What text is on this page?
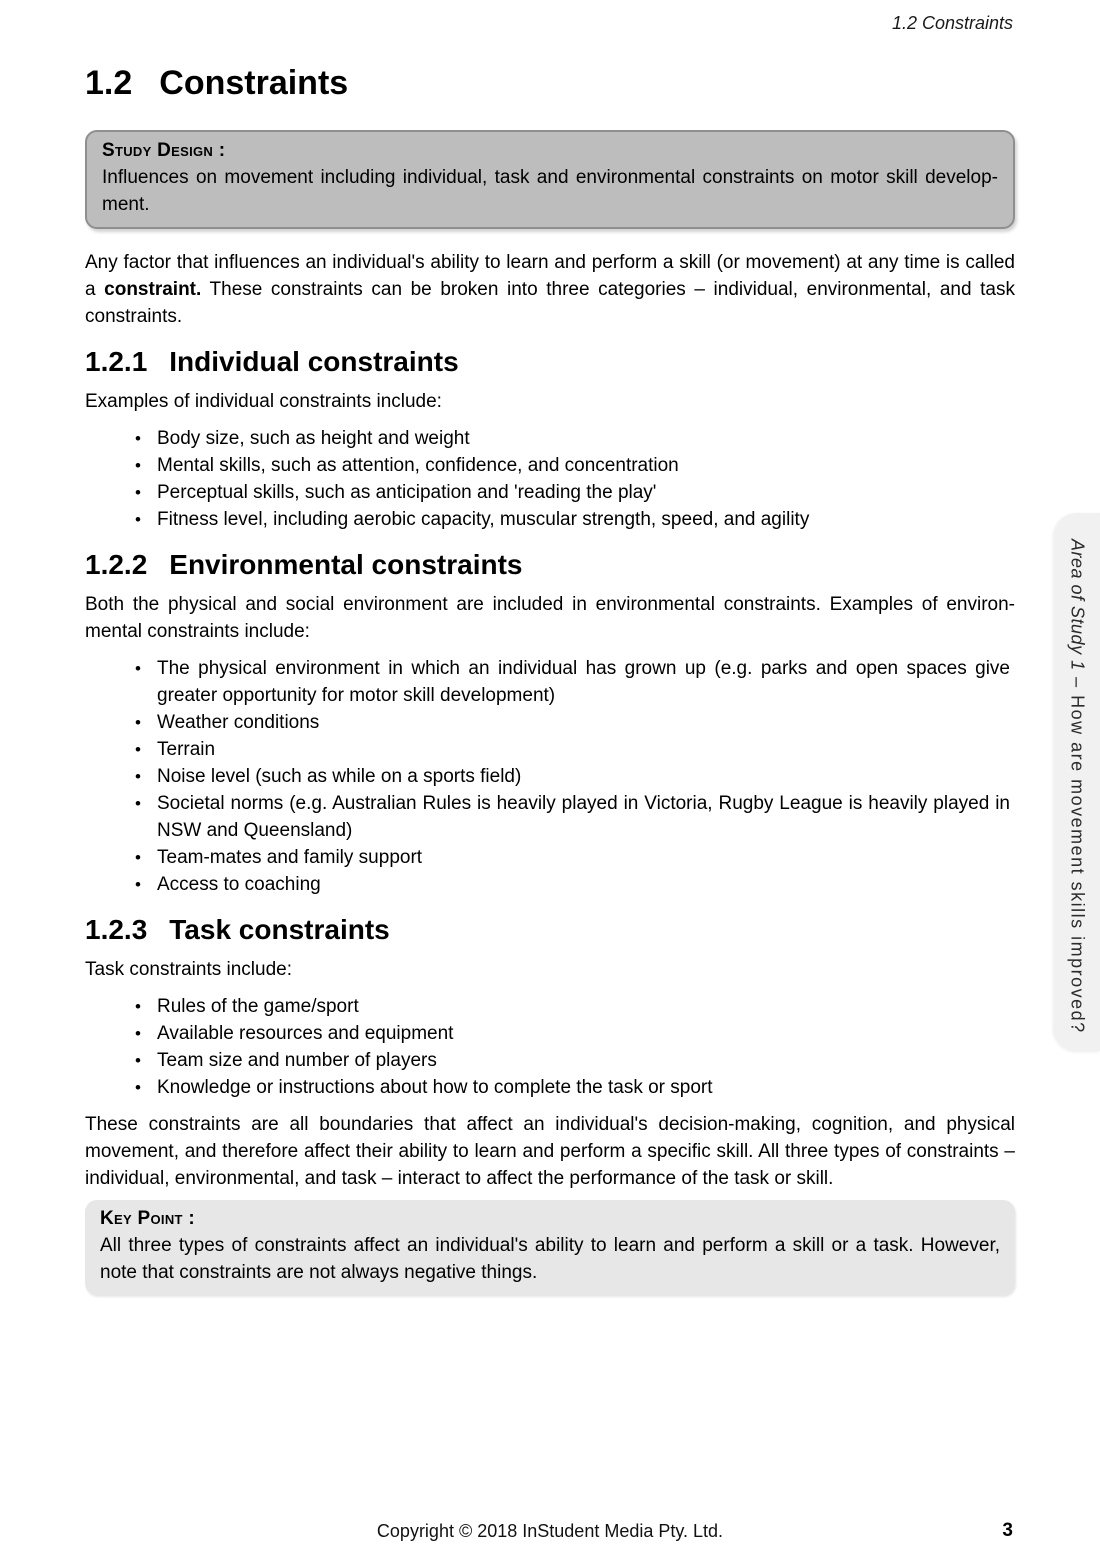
1.2 Constraints
1.2 Constraints
Study Design :
Influences on movement including individual, task and environmental constraints on motor skill development.

Any factor that influences an individual's ability to learn and perform a skill (or movement) at any time is called a constraint. These constraints can be broken into three categories – individual, environmental, and task constraints.

1.2.1 Individual constraints

Examples of individual constraints include:

• Body size, such as height and weight
• Mental skills, such as attention, confidence, and concentration
• Perceptual skills, such as anticipation and 'reading the play'
• Fitness level, including aerobic capacity, muscular strength, speed, and agility
1.2.2 Environmental constraints

Both the physical and social environment are included in environmental constraints. Examples of environmental constraints include:

• The physical environment in which an individual has grown up (e.g. parks and open spaces give greater opportunity for motor skill development)
• Weather conditions
• Terrain
• Noise level (such as while on a sports field)
• Societal norms (e.g. Australian Rules is heavily played in Victoria, Rugby League is heavily played in NSW and Queensland)
• Team-mates and family support
• Access to coaching
1.2.3 Task constraints

Task constraints include:

• Rules of the game/sport
• Available resources and equipment
• Team size and number of players
• Knowledge or instructions about how to complete the task or sport

These constraints are all boundaries that affect an individual's decision-making, cognition, and physical movement, and therefore affect their ability to learn and perform a specific skill. All three types of constraints – individual, environmental, and task – interact to affect the performance of the task or skill.

Key Point :
All three types of constraints affect an individual's ability to learn and perform a skill or a task. However, note that constraints are not always negative things.
Area of Study 1 – How are movement skills improved?
Copyright © 2018 InStudent Media Pty. Ltd.	3
